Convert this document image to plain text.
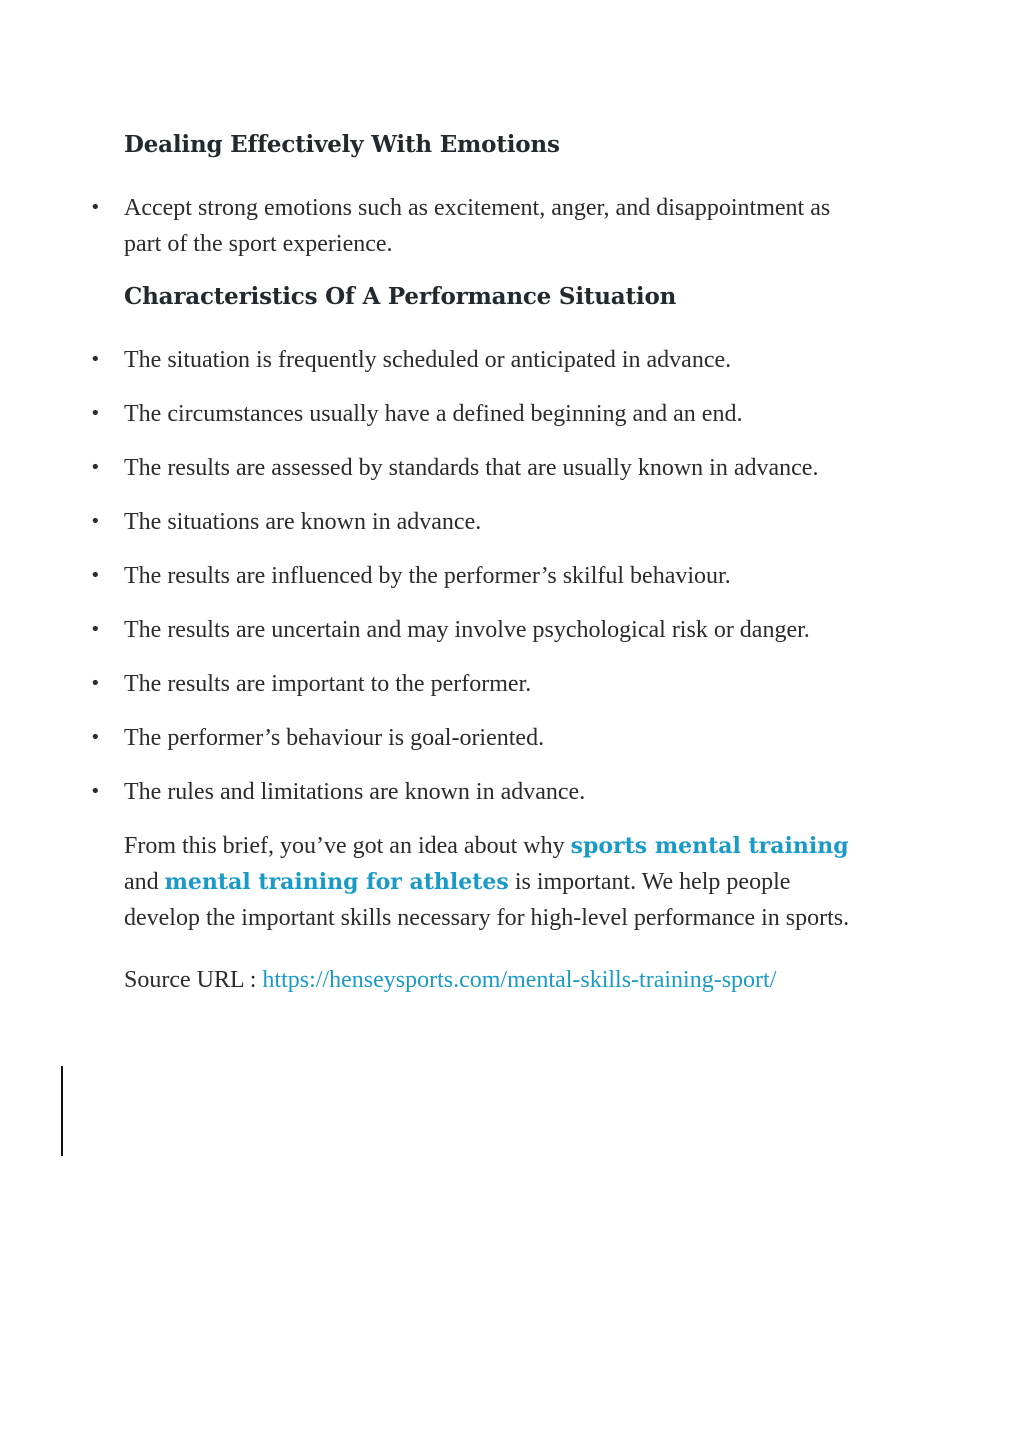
Dealing Effectively With Emotions
• Accept strong emotions such as excitement, anger, and disappointment as part of the sport experience.
Characteristics Of A Performance Situation
• The situation is frequently scheduled or anticipated in advance.
• The circumstances usually have a defined beginning and an end.
• The results are assessed by standards that are usually known in advance.
• The situations are known in advance.
• The results are influenced by the performer’s skilful behaviour.
• The results are uncertain and may involve psychological risk or danger.
• The results are important to the performer.
• The performer’s behaviour is goal-oriented.
• The rules and limitations are known in advance.

From this brief, you’ve got an idea about why sports mental training and mental training for athletes is important. We help people develop the important skills necessary for high-level performance in sports.

Source URL : https://henseysports.com/mental-skills-training-sport/
